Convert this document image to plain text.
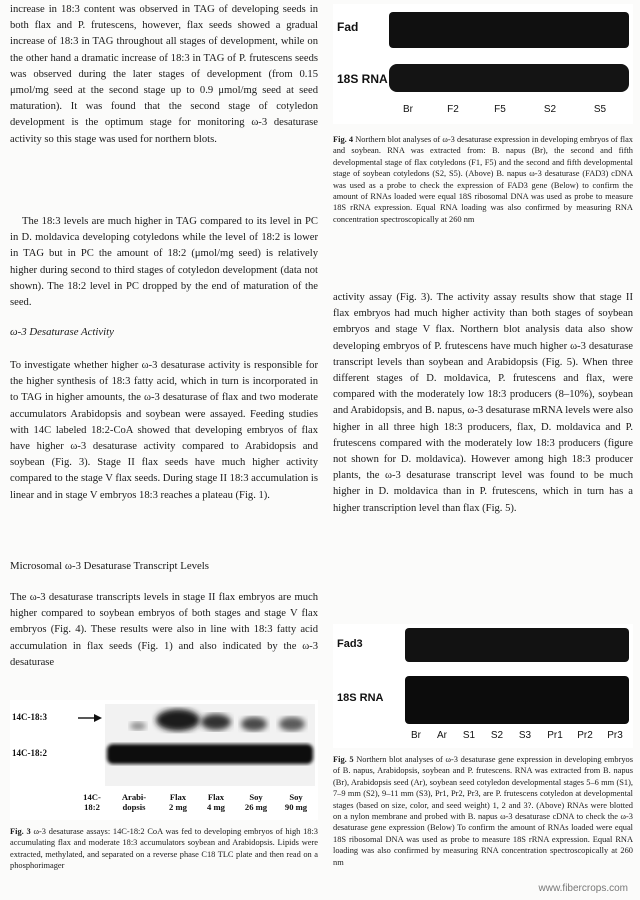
increase in 18:3 content was observed in TAG of developing seeds in both flax and P. frutescens, however, flax seeds showed a gradual increase of 18:3 in TAG throughout all stages of development, while on the other hand a dramatic increase of 18:3 in TAG of P. frutescens seeds was observed during the later stages of development (from 0.15 μmol/mg seed at the second stage up to 0.9 μmol/mg seed at seed maturation). It was found that the second stage of cotyledon development is the optimum stage for monitoring ω-3 desaturase activity so this stage was used for northern blots.

The 18:3 levels are much higher in TAG compared to its level in PC in D. moldavica developing cotyledons while the level of 18:2 is lower in TAG but in PC the amount of 18:2 (μmol/mg seed) is relatively higher during second to third stages of cotyledon development (data not shown). The 18:2 level in PC dropped by the end of maturation of the seed.

ω-3 Desaturase Activity

To investigate whether higher ω-3 desaturase activity is responsible for the higher synthesis of 18:3 fatty acid, which in turn is incorporated in to TAG in higher amounts, the ω-3 desaturase of flax and two moderate accumulators Arabidopsis and soybean were assayed. Feeding studies with 14C labeled 18:2-CoA showed that developing embryos of flax have higher ω-3 desaturase activity compared to Arabidopsis and soybean (Fig. 3). Stage II flax seeds have much higher activity compared to the stage V flax seeds. During stage II 18:3 accumulation is linear and in stage V embryos 18:3 reaches a plateau (Fig. 1).

Microsomal ω-3 Desaturase Transcript Levels

The ω-3 desaturase transcripts levels in stage II flax embryos are much higher compared to soybean embryos of both stages and stage V flax embryos (Fig. 4). These results were also in line with 18:3 fatty acid accumulation in flax seeds (Fig. 1) and also indicated by the ω-3 desaturase

14C-18:3
14C-18:2
14C-
18:2
Arabi-
dopsis
Flax
2 mg
Flax
4 mg
Soy
26 mg
Soy
90 mg

Fig. 3 ω-3 desaturase assays: 14C-18:2 CoA was fed to developing embryos of high 18:3 accumulating flax and moderate 18:3 accumulators soybean and Arabidopsis. Lipids were extracted, methylated, and separated on a reverse phase C18 TLC plate and then read on a phosphorimager

Fad
18S RNA
Br	F2	F5	S2	S5

Fig. 4 Northern blot analyses of ω-3 desaturase expression in developing embryos of flax and soybean. RNA was extracted from: B. napus (Br), the second and fifth developmental stage of flax cotyledons (F1, F5) and the second and fifth developmental stage of soybean cotyledons (S2, S5). (Above) B. napus ω-3 desaturase (FAD3) cDNA was used as a probe to check the expression of FAD3 gene (Below) to confirm the amount of RNAs loaded were equal 18S ribosomal DNA was used as probe to measure 18S rRNA expression. Equal RNA loading was also confirmed by measuring RNA concentration spectroscopically at 260 nm

activity assay (Fig. 3). The activity assay results show that stage II flax embryos had much higher activity than both stages of soybean embryos and stage V flax. Northern blot analysis data also show developing embryos of P. frutescens have much higher ω-3 desaturase transcript levels than soybean and Arabidopsis (Fig. 5). When three different stages of D. moldavica, P. frutescens and flax, were compared with the moderately low 18:3 producers (8–10%), soybean and Arabidopsis, and B. napus, ω-3 desaturase mRNA levels were also higher in all three high 18:3 producers, flax, D. moldavica and P. frutescens compared with the moderately low 18:3 producers (figure not shown for D. moldavica). However among high 18:3 producer plants, the ω-3 desaturase transcript level was found to be much higher in D. moldavica than in P. frutescens, which in turn has a higher transcription level than flax (Fig. 5).

Fad3
18S RNA
Br	Ar	S1	S2	S3	Pr1	Pr2	Pr3

Fig. 5 Northern blot analyses of ω-3 desaturase gene expression in developing embryos of B. napus, Arabidopsis, soybean and P. frutescens. RNA was extracted from B. napus (Br), Arabidopsis seed (Ar), soybean seed cotyledon developmental stages 5–6 mm (S1), 7–9 mm (S2), 9–11 mm (S3), Pr1, Pr2, Pr3, are P. frutescens cotyledon at developmental stages (based on size, color, and seed weight) 1, 2 and 3?. (Above) RNAs were blotted on a nylon membrane and probed with B. napus ω-3 desaturase cDNA to check the ω-3 desaturase gene expression (Below) To confirm the amount of RNAs loaded were equal 18S ribosomal DNA was used as probe to measure 18S rRNA expression. Equal RNA loading was also confirmed by measuring RNA concentration spectroscopically at 260 nm

www.fibercrops.com
